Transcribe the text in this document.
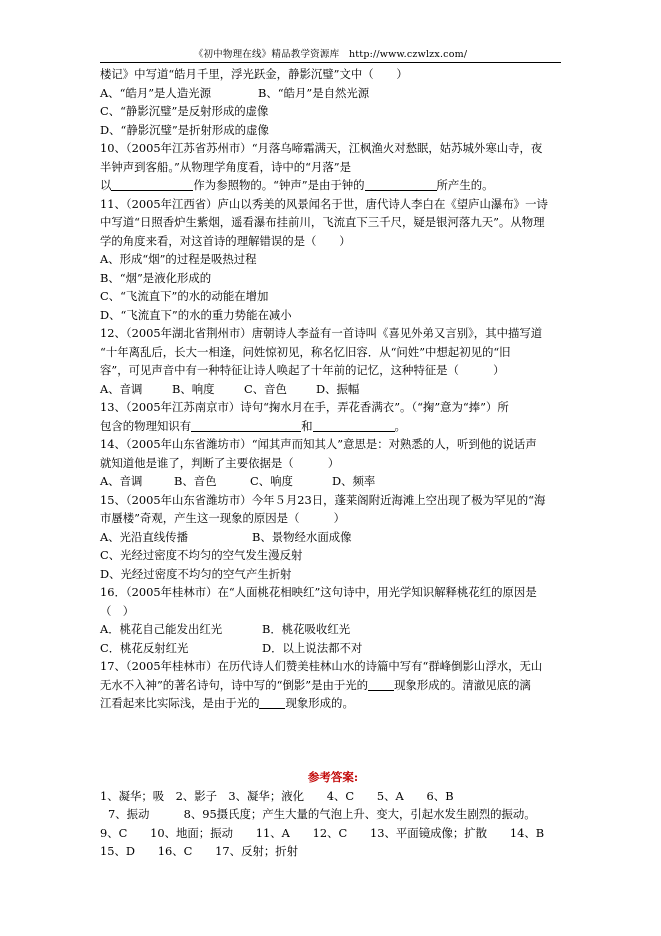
《初中物理在线》精品教学资源库　http://www.czwlzx.com/
楼记》中写道“皓月千里，浮光跃金，静影沉璧”文中（　　）
A、“皓月”是人造光源	B、“皓月”是自然光源
C、“静影沉璧”是反射形成的虚像
D、“静影沉璧”是折射形成的虚像
10、（2005年江苏省苏州市）“月落乌啼霜满天，江枫渔火对愁眠，姑苏城外寒山寺，夜
半钟声到客船。”从物理学角度看，诗中的“月落”是
以	作为参照物的。“钟声”是由于钟的	所产生的。
11、（2005年江西省）庐山以秀美的风景闻名于世，唐代诗人李白在《望庐山瀑布》一诗
中写道“日照香炉生紫烟，遥看瀑布挂前川，飞流直下三千尺，疑是银河落九天”。从物理
学的角度来看，对这首诗的理解错误的是（　　）
A、形成“烟”的过程是吸热过程
B、“烟”是液化形成的
C、“飞流直下”的水的动能在增加
D、“飞流直下”的水的重力势能在减小
12、（2005年湖北省荆州市）唐朝诗人李益有一首诗叫《喜见外弟又言别》，其中描写道
“十年离乱后，长大一相逢，问姓惊初见，称名忆旧容．从“问姓”中想起初见的“旧
容”，可见声音中有一种特征让诗人唤起了十年前的记忆，这种特征是（　　　）
A、音调	B、响度	C、音色	D、振幅
13、（2005年江苏南京市）诗句“掬水月在手，弄花香满衣”。（“掬”意为“捧”）所
包含的物理知识有	和	。
14、（2005年山东省潍坊市）“闻其声而知其人”意思是：对熟悉的人，听到他的说话声
就知道他是谁了，判断了主要依据是（　　　）
A、音调	B、音色	C、响度	D、频率
15、（2005年山东省潍坊市）今年５月23日，蓬莱阁附近海滩上空出现了极为罕见的“海
市蜃楼”奇观，产生这一现象的原因是（　　　）
A、光沿直线传播	B、景物经水面成像
C、光经过密度不均匀的空气发生漫反射
D、光经过密度不均匀的空气产生折射
16．（2005年桂林市）在“人面桃花相映红”这句诗中，用光学知识解释桃花红的原因是
（　）
A．桃花自己能发出红光	B．桃花吸收红光
C．桃花反射红光	D．以上说法都不对
17、（2005年桂林市）在历代诗人们赞美桂林山水的诗篇中写有“群峰倒影山浮水，无山
无水不入神”的著名诗句，诗中写的“倒影”是由于光的 现象形成的。清澈见底的漓
江看起来比实际浅，是由于光的 现象形成的。
参考答案:
1、凝华；吸　2、影子　3、凝华；液化　　4、C　　5、A　　6、B
7、振动　　　8、95摄氏度；产生大量的气泡上升、变大，引起水发生剧烈的振动。
9、C　　10、地面；振动　　11、A　　12、C　　13、平面镜成像；扩散　　14、B
15、D　　16、C　　17、反射；折射
